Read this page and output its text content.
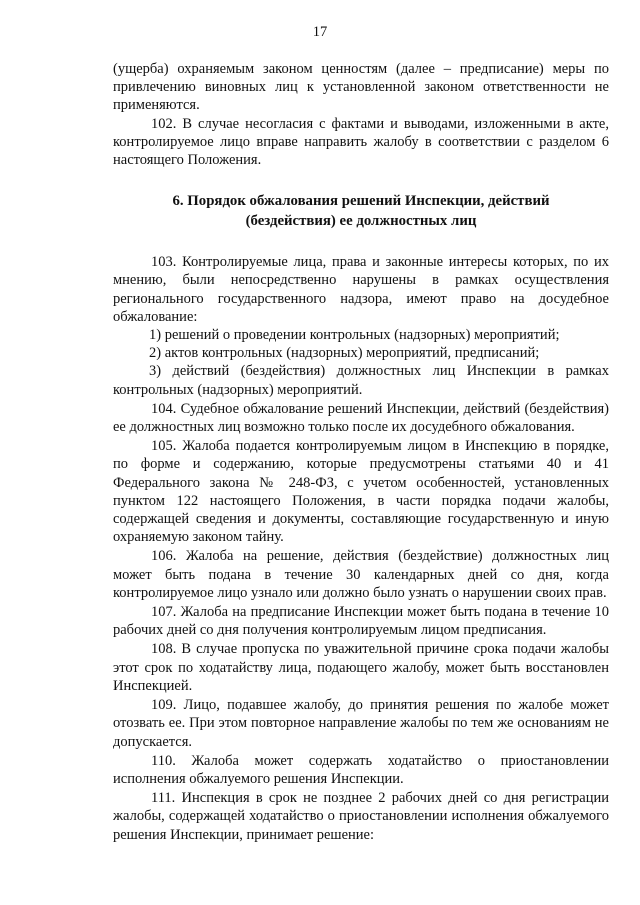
17

(ущерба) охраняемым законом ценностям (далее – предписание) меры по привлечению виновных лиц к установленной законом ответственности не применяются.

102. В случае несогласия с фактами и выводами, изложенными в акте, контролируемое лицо вправе направить жалобу в соответствии с разделом 6 настоящего Положения.

6. Порядок обжалования решений Инспекции, действий
(бездействия) ее должностных лиц

103. Контролируемые лица, права и законные интересы которых, по их мнению, были непосредственно нарушены в рамках осуществления регионального государственного надзора, имеют право на досудебное обжалование:

1) решений о проведении контрольных (надзорных) мероприятий;

2) актов контрольных (надзорных) мероприятий, предписаний;

3) действий (бездействия) должностных лиц Инспекции в рамках контрольных (надзорных) мероприятий.

104. Судебное обжалование решений Инспекции, действий (бездействия) ее должностных лиц возможно только после их досудебного обжалования.

105. Жалоба подается контролируемым лицом в Инспекцию в порядке, по форме и содержанию, которые предусмотрены статьями 40 и 41 Федерального закона № 248-ФЗ, с учетом особенностей, установленных пунктом 122 настоящего Положения, в части порядка подачи жалобы, содержащей сведения и документы, составляющие государственную и иную охраняемую законом тайну.

106. Жалоба на решение, действия (бездействие) должностных лиц может быть подана в течение 30 календарных дней со дня, когда контролируемое лицо узнало или должно было узнать о нарушении своих прав.

107. Жалоба на предписание Инспекции может быть подана в течение 10 рабочих дней со дня получения контролируемым лицом предписания.

108. В случае пропуска по уважительной причине срока подачи жалобы этот срок по ходатайству лица, подающего жалобу, может быть восстановлен Инспекцией.

109. Лицо, подавшее жалобу, до принятия решения по жалобе может отозвать ее. При этом повторное направление жалобы по тем же основаниям не допускается.

110. Жалоба может содержать ходатайство о приостановлении исполнения обжалуемого решения Инспекции.

111. Инспекция в срок не позднее 2 рабочих дней со дня регистрации жалобы, содержащей ходатайство о приостановлении исполнения обжалуемого решения Инспекции, принимает решение:
